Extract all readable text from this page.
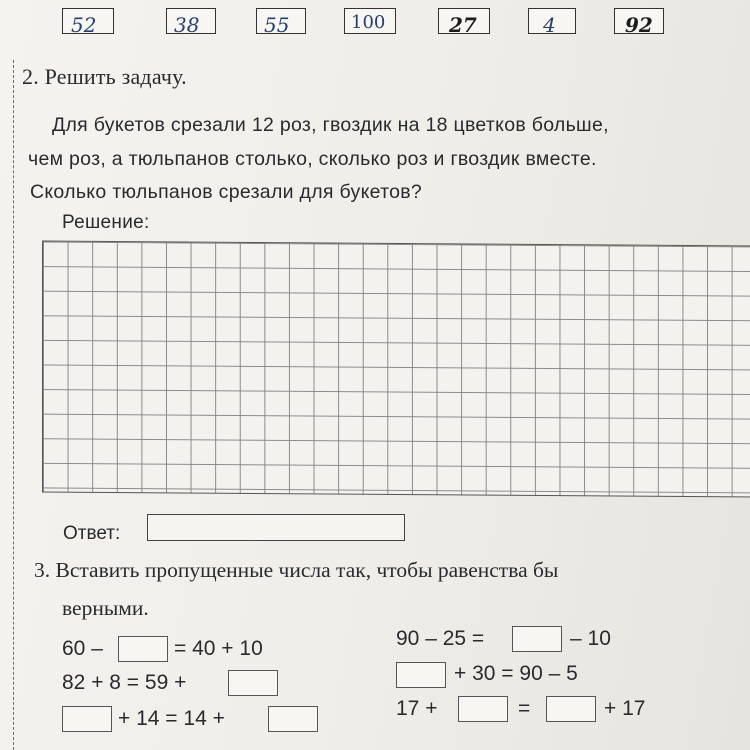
52	38	55	100	27	4	92
2. Решить задачу.
Для букетов срезали 12 роз, гвоздик на 18 цветков больше,
чем роз, а тюльпанов столько, сколько роз и гвоздик вместе.
Сколько тюльпанов срезали для букетов?
Решение:
Ответ:
3. Вставить пропущенные числа так, чтобы равенства бы
верными.
60 –	= 40 + 10
82 + 8 = 59 +
+ 14 = 14 +
90 – 25 =	– 10
+ 30 = 90 – 5
17 +	=	+ 17
